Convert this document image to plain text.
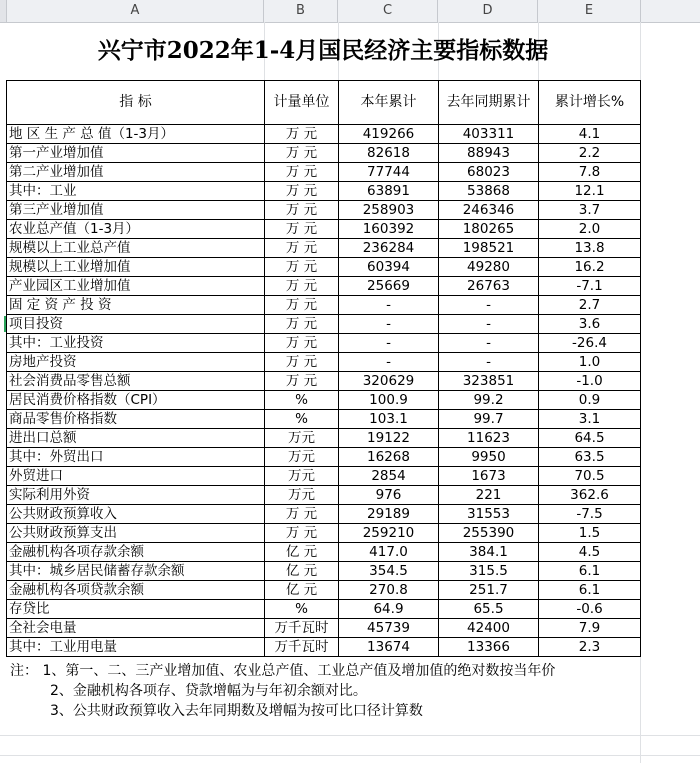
A	B	C	D	E
兴宁市2022年1-4月国民经济主要指标数据
指 标	计量单位	本年累计	去年同期累计	累计增长%
地 区 生 产 总 值（1-3月）	万 元	419266	403311	4.1
第一产业增加值	万 元	82618	88943	2.2
第二产业增加值	万 元	77744	68023	7.8
其中：工业	万 元	63891	53868	12.1
第三产业增加值	万 元	258903	246346	3.7
农业总产值（1-3月）	万 元	160392	180265	2.0
规模以上工业总产值	万 元	236284	198521	13.8
规模以上工业增加值	万 元	60394	49280	16.2
产业园区工业增加值	万 元	25669	26763	-7.1
固 定 资 产 投 资	万 元	-	-	2.7
项目投资	万 元	-	-	3.6
其中：工业投资	万 元	-	-	-26.4
房地产投资	万 元	-	-	1.0
社会消费品零售总额	万 元	320629	323851	-1.0
居民消费价格指数（CPI）	%	100.9	99.2	0.9
商品零售价格指数	%	103.1	99.7	3.1
进出口总额	万元	19122	11623	64.5
其中：外贸出口	万元	16268	9950	63.5
外贸进口	万元	2854	1673	70.5
实际利用外资	万元	976	221	362.6
公共财政预算收入	万 元	29189	31553	-7.5
公共财政预算支出	万 元	259210	255390	1.5
金融机构各项存款余额	亿 元	417.0	384.1	4.5
其中：城乡居民储蓄存款余额	亿 元	354.5	315.5	6.1
金融机构各项贷款余额	亿 元	270.8	251.7	6.1
存贷比	%	64.9	65.5	-0.6
全社会电量	万千瓦时	45739	42400	7.9
其中：工业用电量	万千瓦时	13674	13366	2.3
注： 1、第一、二、三产业增加值、农业总产值、工业总产值及增加值的绝对数按当年价
2、金融机构各项存、贷款增幅为与年初余额对比。
3、公共财政预算收入去年同期数及增幅为按可比口径计算数
